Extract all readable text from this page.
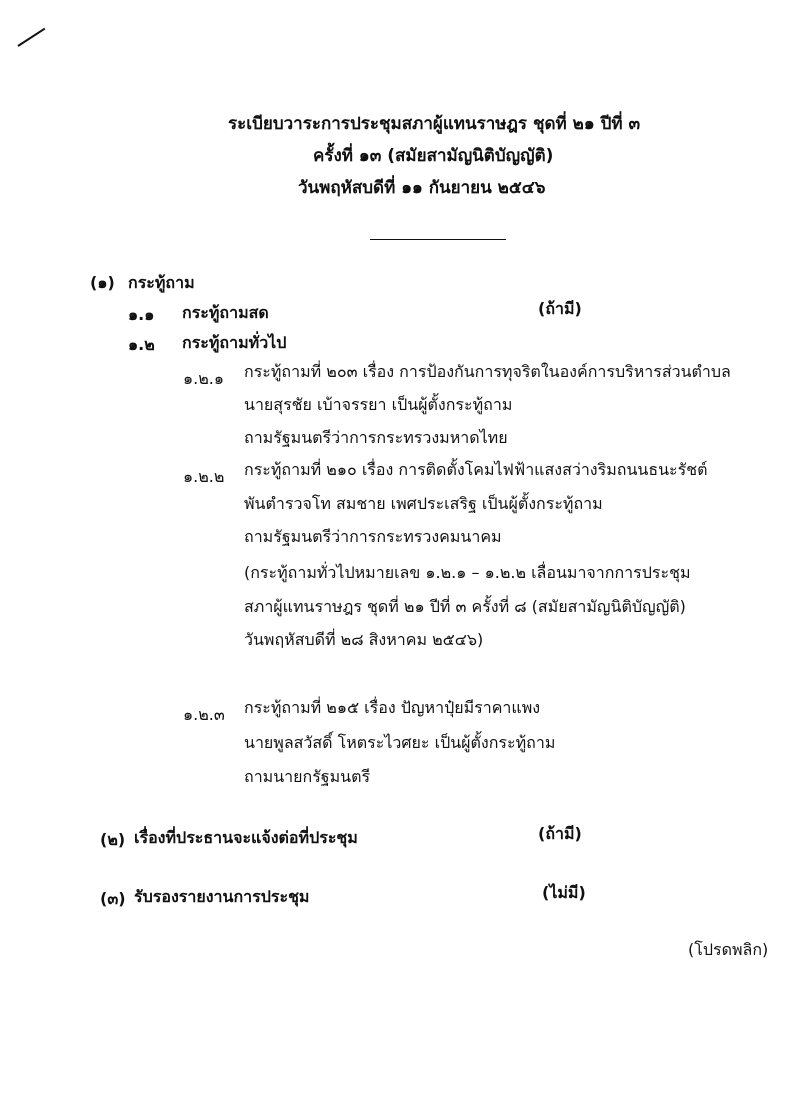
ระเบียบวาระการประชุมสภาผู้แทนราษฎร ชุดที่ ๒๑ ปีที่ ๓
ครั้งที่ ๑๓ (สมัยสามัญนิติบัญญัติ)
วันพฤหัสบดีที่ ๑๑ กันยายน ๒๕๔๖
(๑) กระทู้ถาม
๑.๑ กระทู้ถามสด	(ถ้ามี)
๑.๒ กระทู้ถามทั่วไป
๑.๒.๑ กระทู้ถามที่ ๒๐๓ เรื่อง การป้องกันการทุจริตในองค์การบริหารส่วนตำบล
นายสุรชัย เบ้าจรรยา เป็นผู้ตั้งกระทู้ถาม
ถามรัฐมนตรีว่าการกระทรวงมหาดไทย
๑.๒.๒ กระทู้ถามที่ ๒๑๐ เรื่อง การติดตั้งโคมไฟฟ้าแสงสว่างริมถนนธนะรัชต์
พันตำรวจโท สมชาย เพศประเสริฐ เป็นผู้ตั้งกระทู้ถาม
ถามรัฐมนตรีว่าการกระทรวงคมนาคม
(กระทู้ถามทั่วไปหมายเลข ๑.๒.๑ – ๑.๒.๒ เลื่อนมาจากการประชุม
สภาผู้แทนราษฎร ชุดที่ ๒๑ ปีที่ ๓ ครั้งที่ ๘ (สมัยสามัญนิติบัญญัติ)
วันพฤหัสบดีที่ ๒๘ สิงหาคม ๒๕๔๖)
๑.๒.๓ กระทู้ถามที่ ๒๑๕ เรื่อง ปัญหาปุ๋ยมีราคาแพง
นายพูลสวัสดิ์ โหตระไวศยะ เป็นผู้ตั้งกระทู้ถาม
ถามนายกรัฐมนตรี
(๒) เรื่องที่ประธานจะแจ้งต่อที่ประชุม	(ถ้ามี)
(๓) รับรองรายงานการประชุม	(ไม่มี)
(โปรดพลิก)
